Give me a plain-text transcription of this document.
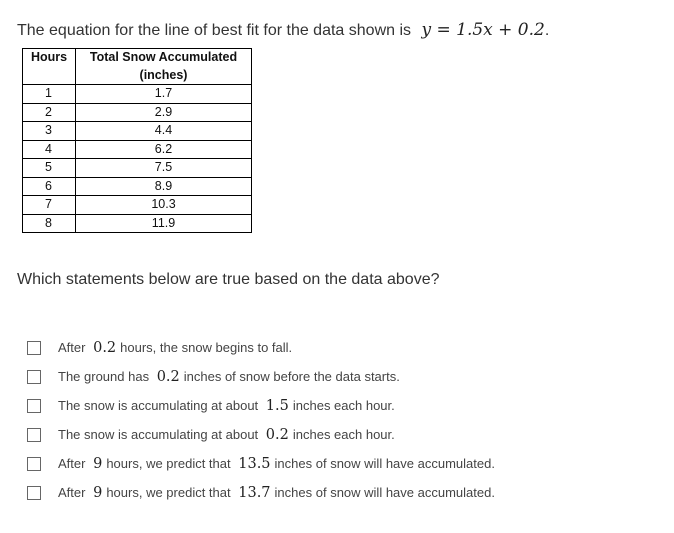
The equation for the line of best fit for the data shown is y = 1.5x + 0.2.
Hours	Total Snow Accumulated
(inches)

1	1.7
2	2.9
3	4.4
4	6.2
5	7.5
6	8.9
7	10.3
8	11.9
Which statements below are true based on the data above?
After 0.2 hours, the snow begins to fall.
The ground has 0.2 inches of snow before the data starts.
The snow is accumulating at about 1.5 inches each hour.
The snow is accumulating at about 0.2 inches each hour.
After 9 hours, we predict that 13.5 inches of snow will have accumulated.
After 9 hours, we predict that 13.7 inches of snow will have accumulated.
